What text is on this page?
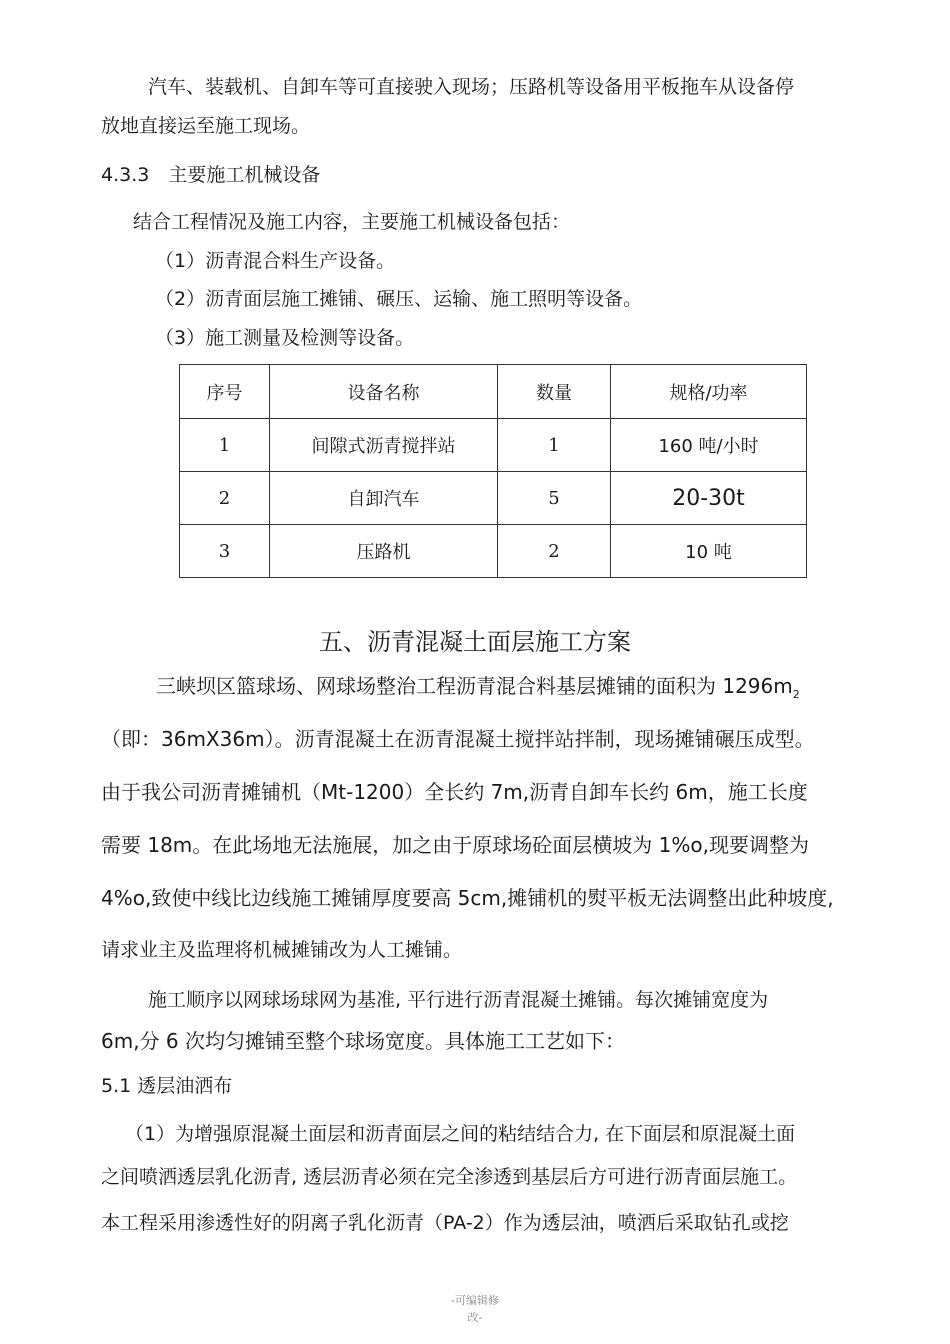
汽车、装载机、自卸车等可直接驶入现场；压路机等设备用平板拖车从设备停
放地直接运至施工现场。
4.3.3　主要施工机械设备
结合工程情况及施工内容，主要施工机械设备包括：
（1）沥青混合料生产设备。
（2）沥青面层施工摊铺、碾压、运输、施工照明等设备。
（3）施工测量及检测等设备。
序号	设备名称	数量	规格/功率
1	间隙式沥青搅拌站	1	160 吨/小时
2	自卸汽车	5	20-30t
3	压路机	2	10 吨
五、沥青混凝土面层施工方案
三峡坝区篮球场、网球场整治工程沥青混合料基层摊铺的面积为 $1296m_2$
（即：36mX36m）。沥青混凝土在沥青混凝土搅拌站拌制，现场摊铺碾压成型。
由于我公司沥青摊铺机（Mt-1200）全长约 7m,沥青自卸车长约 6m，施工长度
需要 18m。在此场地无法施展，加之由于原球场砼面层横坡为 1%o,现要调整为
4%o,致使中线比边线施工摊铺厚度要高 5cm,摊铺机的熨平板无法调整出此种坡度,
请求业主及监理将机械摊铺改为人工摊铺。
施工顺序以网球场球网为基准, 平行进行沥青混凝土摊铺。每次摊铺宽度为
6m,分 6 次均匀摊铺至整个球场宽度。具体施工工艺如下：
5.1 透层油洒布
（1）为增强原混凝土面层和沥青面层之间的粘结结合力, 在下面层和原混凝土面
之间喷洒透层乳化沥青, 透层沥青必须在完全渗透到基层后方可进行沥青面层施工。
本工程采用渗透性好的阴离子乳化沥青（PA-2）作为透层油，喷洒后采取钻孔或挖
-可编辑修
改-
